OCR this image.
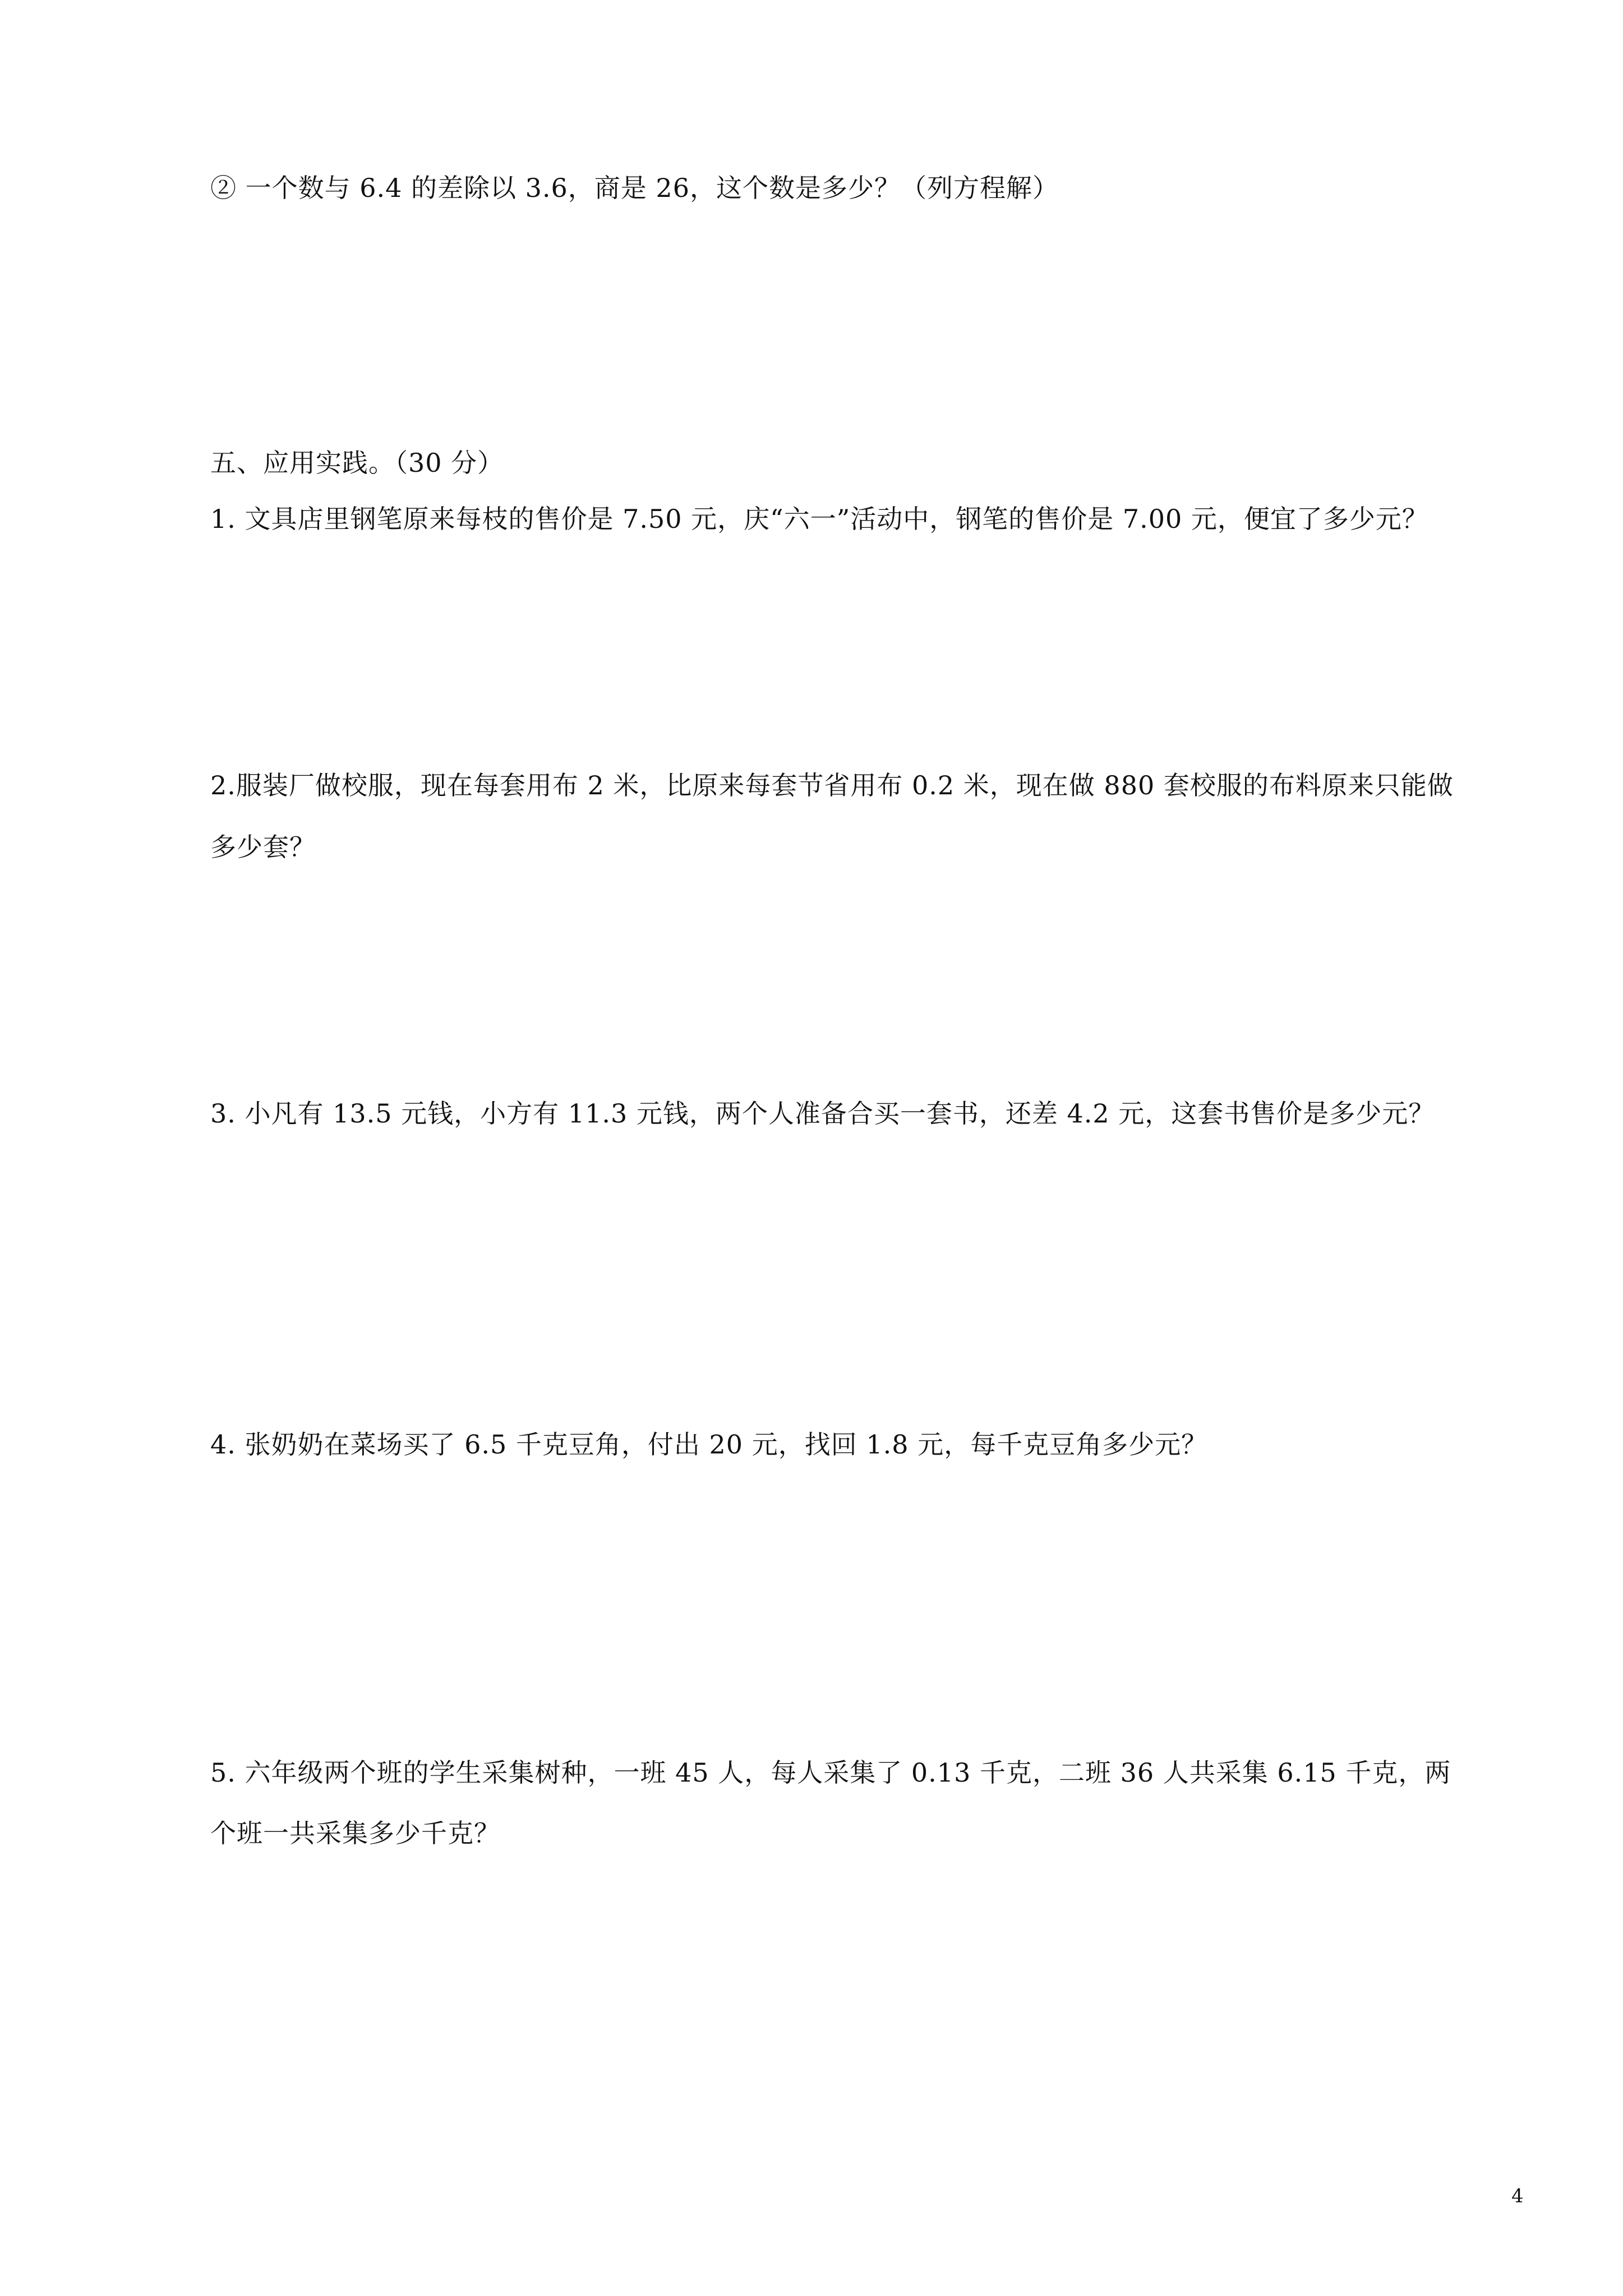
② 一个数与 6.4 的差除以 3.6，商是 26，这个数是多少？（列方程解）
五、应用实践。（30 分）
1. 文具店里钢笔原来每枝的售价是 7.50 元，庆“六一”活动中，钢笔的售价是 7.00 元，便宜了多少元？
2.服装厂做校服，现在每套用布 2 米，比原来每套节省用布 0.2 米，现在做 880 套校服的布料原来只能做
多少套？
3. 小凡有 13.5 元钱，小方有 11.3 元钱，两个人准备合买一套书，还差 4.2 元，这套书售价是多少元？
4. 张奶奶在菜场买了 6.5 千克豆角，付出 20 元，找回 1.8 元，每千克豆角多少元？
5. 六年级两个班的学生采集树种，一班 45 人，每人采集了 0.13 千克，二班 36 人共采集 6.15 千克，两
个班一共采集多少千克？
4
